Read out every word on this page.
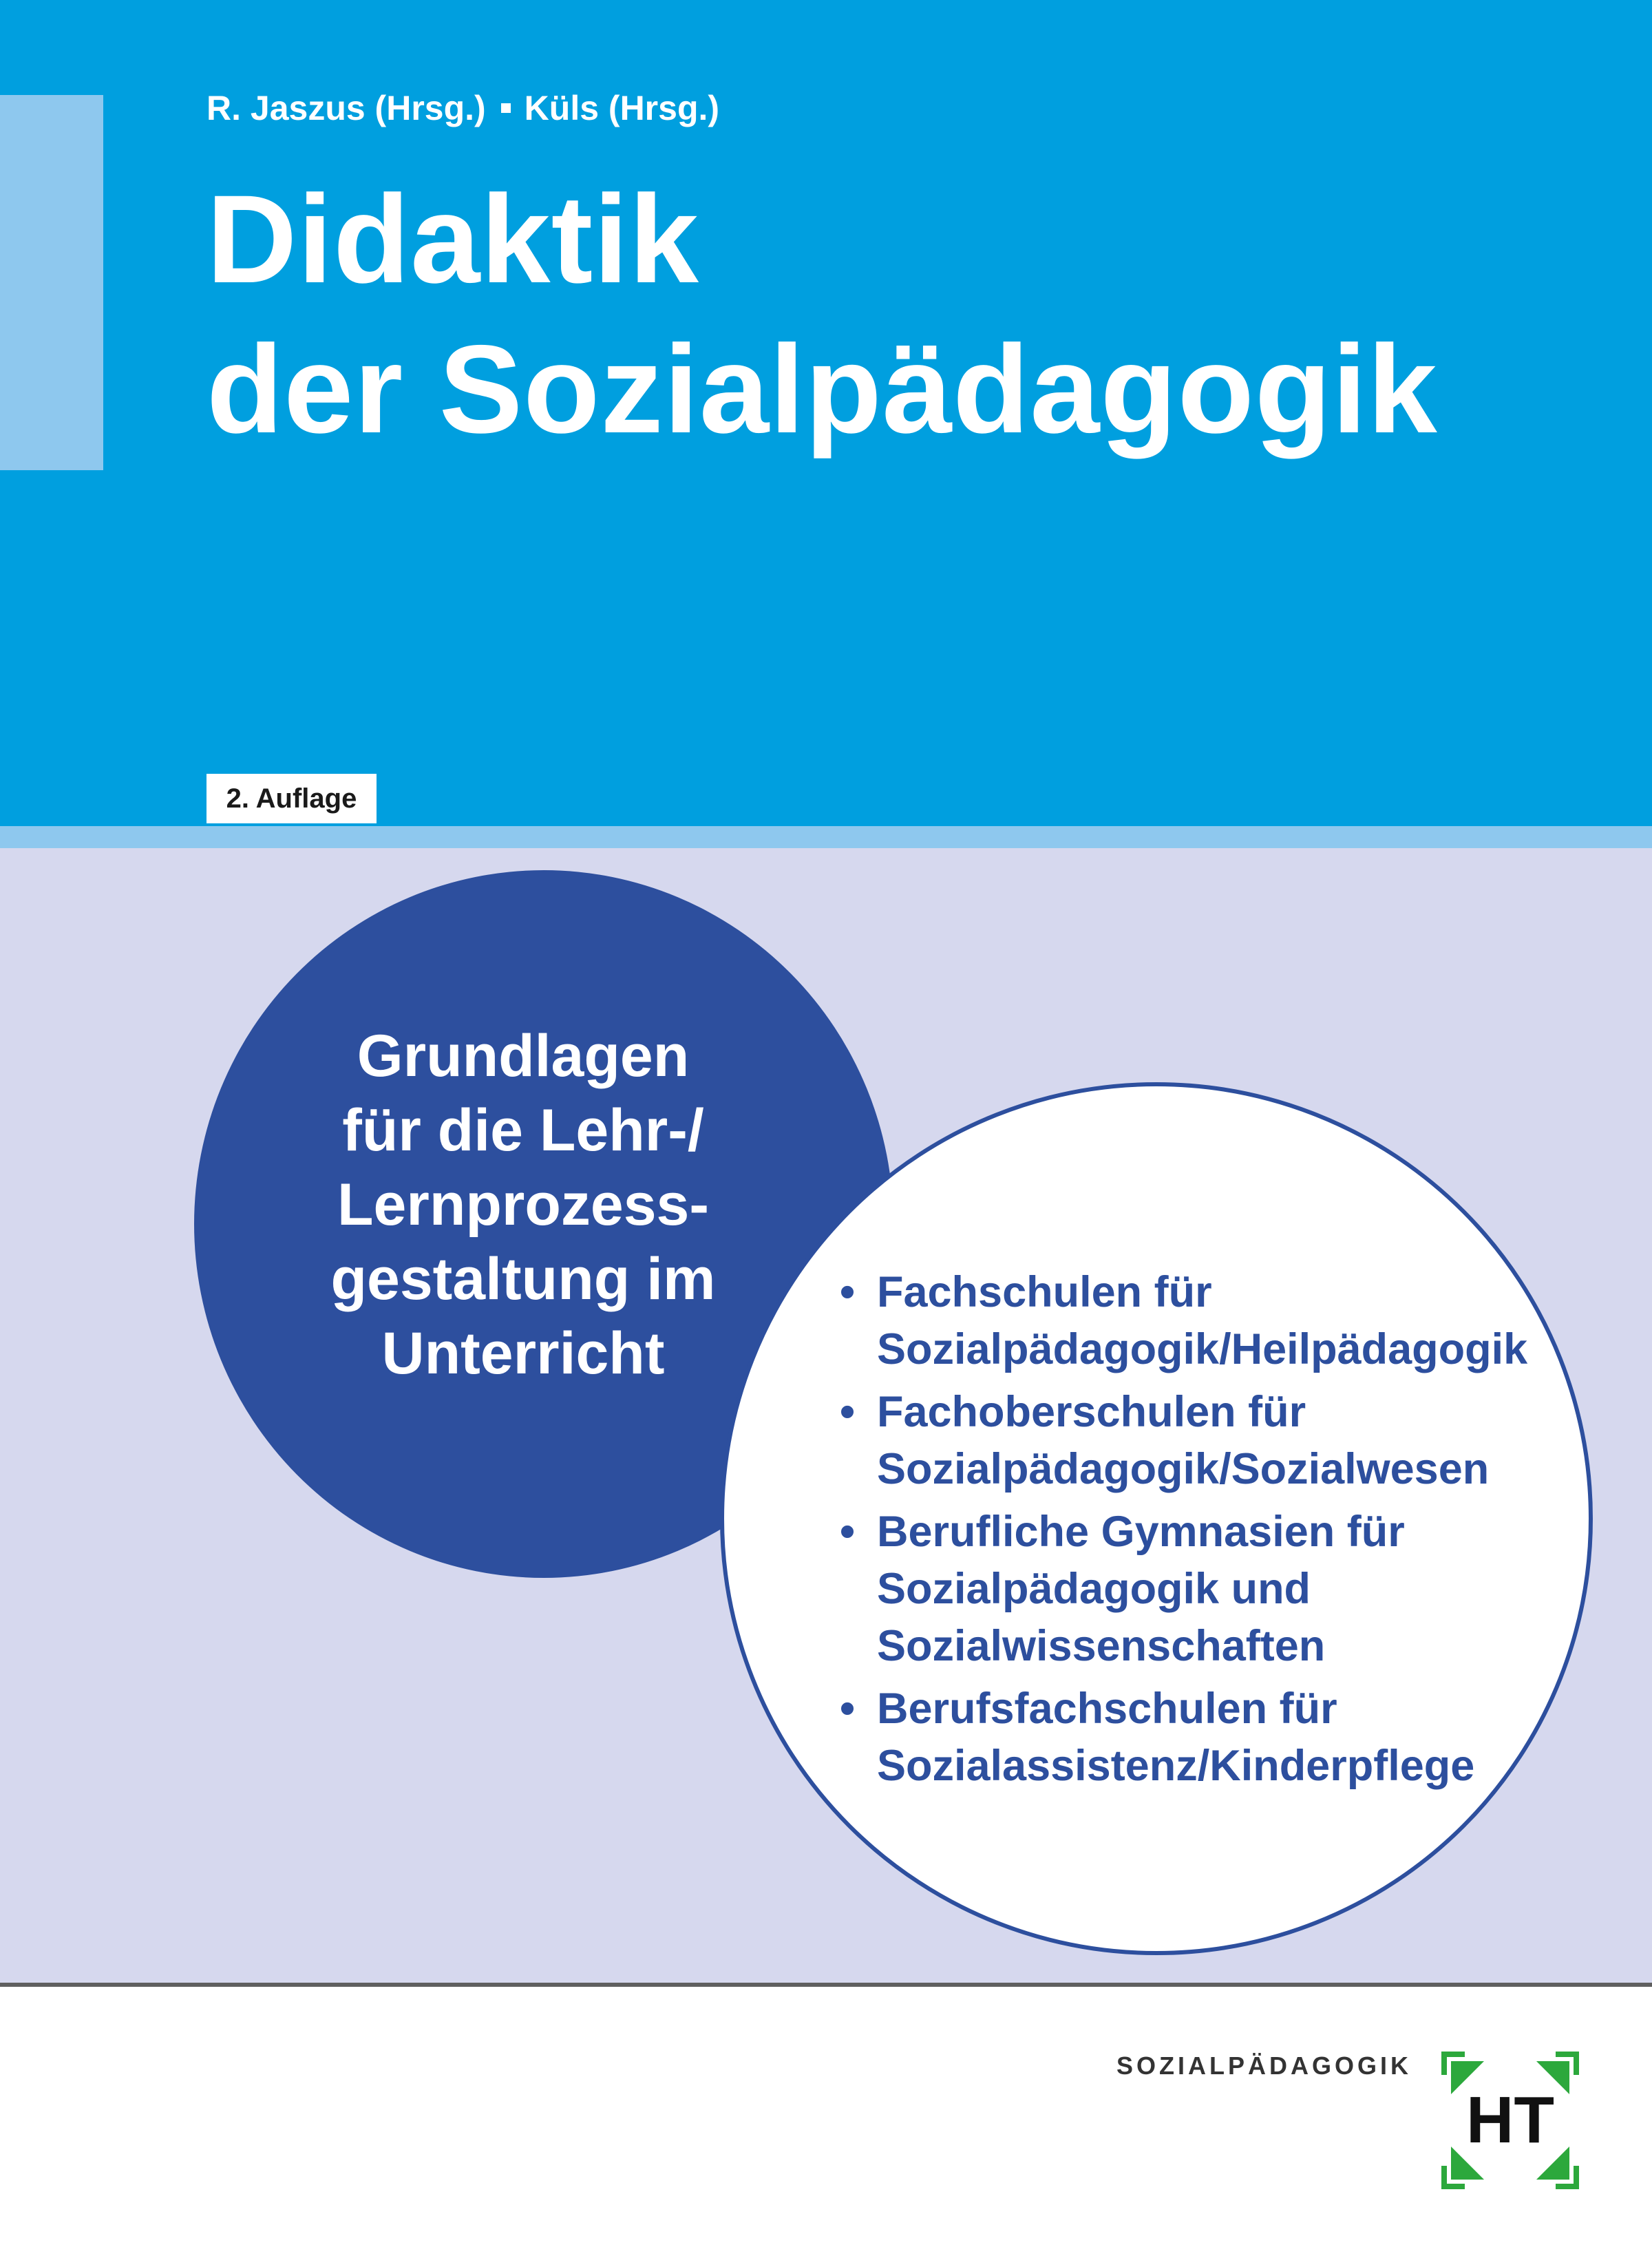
R. Jaszus (Hrsg.) Küls (Hrsg.)
Didaktik
der Sozialpädagogik
2. Auflage
Grundlagen
für die Lehr-/
Lernprozess-
gestaltung im
Unterricht
• Fachschulen für
Sozialpädagogik/Heilpädagogik
• Fachoberschulen für
Sozialpädagogik/Sozialwesen
• Berufliche Gymnasien für
Sozialpädagogik und
Sozialwissenschaften
• Berufsfachschulen für
Sozialassistenz/Kinderpflege
SOZIALPÄDAGOGIK
HT
